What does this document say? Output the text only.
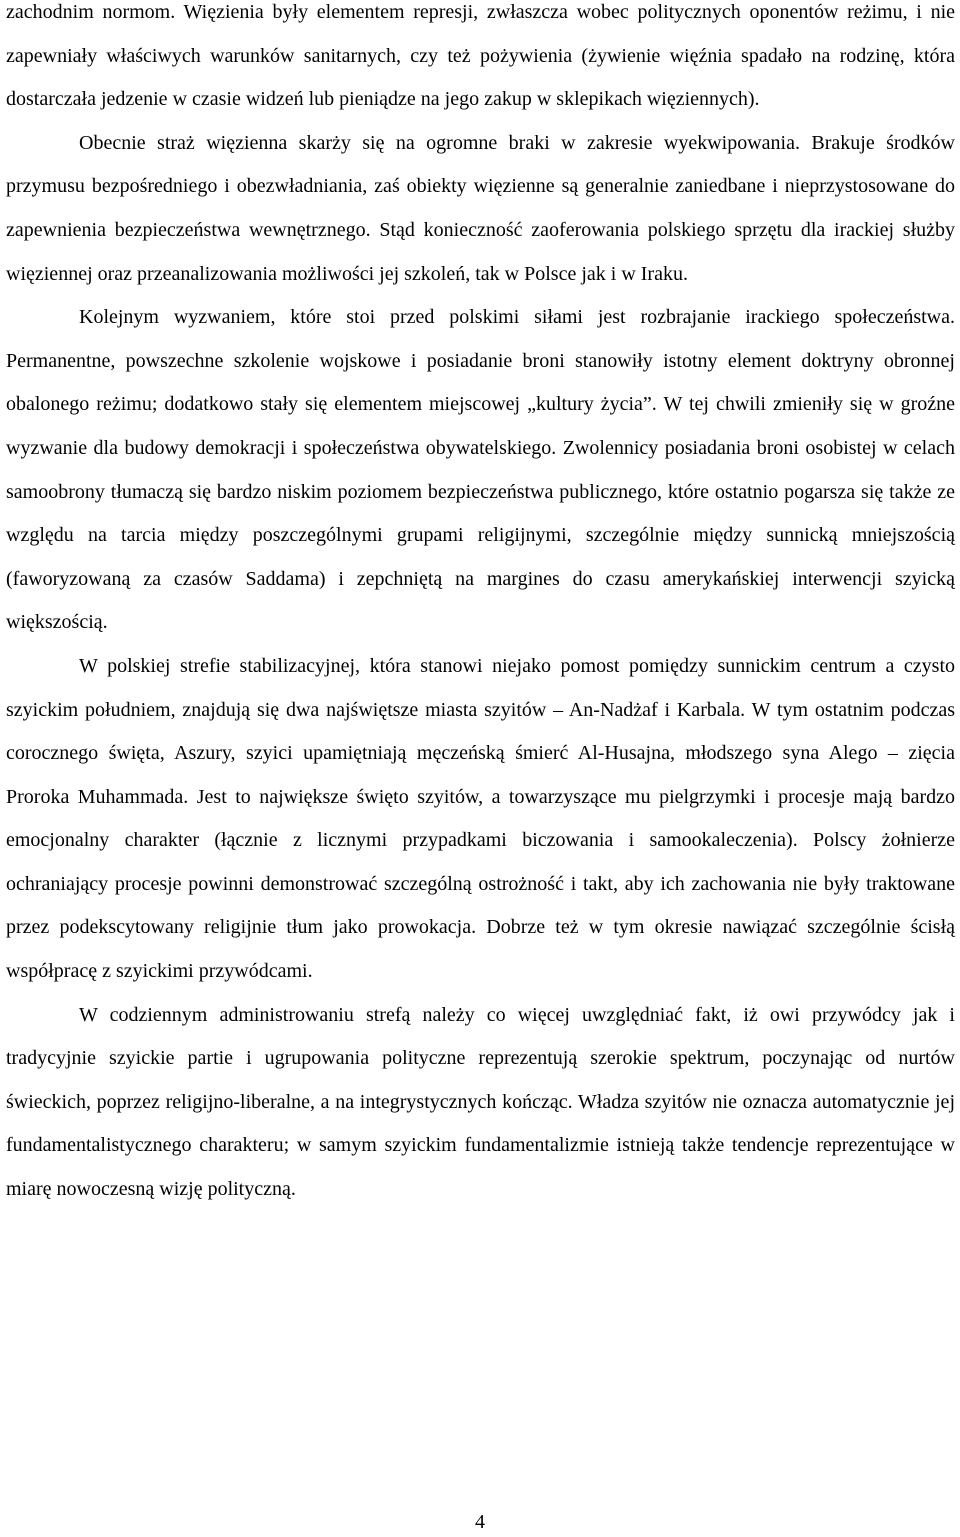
zachodnim normom. Więzienia były elementem represji, zwłaszcza wobec politycznych oponentów reżimu, i nie zapewniały właściwych warunków sanitarnych, czy też pożywienia (żywienie więźnia spadało na rodzinę, która dostarczała jedzenie w czasie widzeń lub pieniądze na jego zakup w sklepikach więziennych).

Obecnie straż więzienna skarży się na ogromne braki w zakresie wyekwipowania. Brakuje środków przymusu bezpośredniego i obezwładniania, zaś obiekty więzienne są generalnie zaniedbane i nieprzystosowane do zapewnienia bezpieczeństwa wewnętrznego. Stąd konieczność zaoferowania polskiego sprzętu dla irackiej służby więziennej oraz przeanalizowania możliwości jej szkoleń, tak w Polsce jak i w Iraku.

Kolejnym wyzwaniem, które stoi przed polskimi siłami jest rozbrajanie irackiego społeczeństwa. Permanentne, powszechne szkolenie wojskowe i posiadanie broni stanowiły istotny element doktryny obronnej obalonego reżimu; dodatkowo stały się elementem miejscowej „kultury życia”. W tej chwili zmieniły się w groźne wyzwanie dla budowy demokracji i społeczeństwa obywatelskiego. Zwolennicy posiadania broni osobistej w celach samoobrony tłumaczą się bardzo niskim poziomem bezpieczeństwa publicznego, które ostatnio pogarsza się także ze względu na tarcia między poszczególnymi grupami religijnymi, szczególnie między sunnicką mniejszością (faworyzowaną za czasów Saddama) i zepchniętą na margines do czasu amerykańskiej interwencji szyicką większością.

W polskiej strefie stabilizacyjnej, która stanowi niejako pomost pomiędzy sunnickim centrum a czysto szyickim południem, znajdują się dwa najświętsze miasta szyitów – An-Nadżaf i Karbala. W tym ostatnim podczas corocznego święta, Aszury, szyici upamiętniają męczeńską śmierć Al-Husajna, młodszego syna Alego – zięcia Proroka Muhammada. Jest to największe święto szyitów, a towarzyszące mu pielgrzymki i procesje mają bardzo emocjonalny charakter (łącznie z licznymi przypadkami biczowania i samookaleczenia). Polscy żołnierze ochraniający procesje powinni demonstrować szczególną ostrożność i takt, aby ich zachowania nie były traktowane przez podekscytowany religijnie tłum jako prowokacja. Dobrze też w tym okresie nawiązać szczególnie ścisłą współpracę z szyickimi przywódcami.

W codziennym administrowaniu strefą należy co więcej uwzględniać fakt, iż owi przywódcy jak i tradycyjnie szyickie partie i ugrupowania polityczne reprezentują szerokie spektrum, poczynając od nurtów świeckich, poprzez religijno-liberalne, a na integrystycznych kończąc. Władza szyitów nie oznacza automatycznie jej fundamentalistycznego charakteru; w samym szyickim fundamentalizmie istnieją także tendencje reprezentujące w miarę nowoczesną wizję polityczną.

4
